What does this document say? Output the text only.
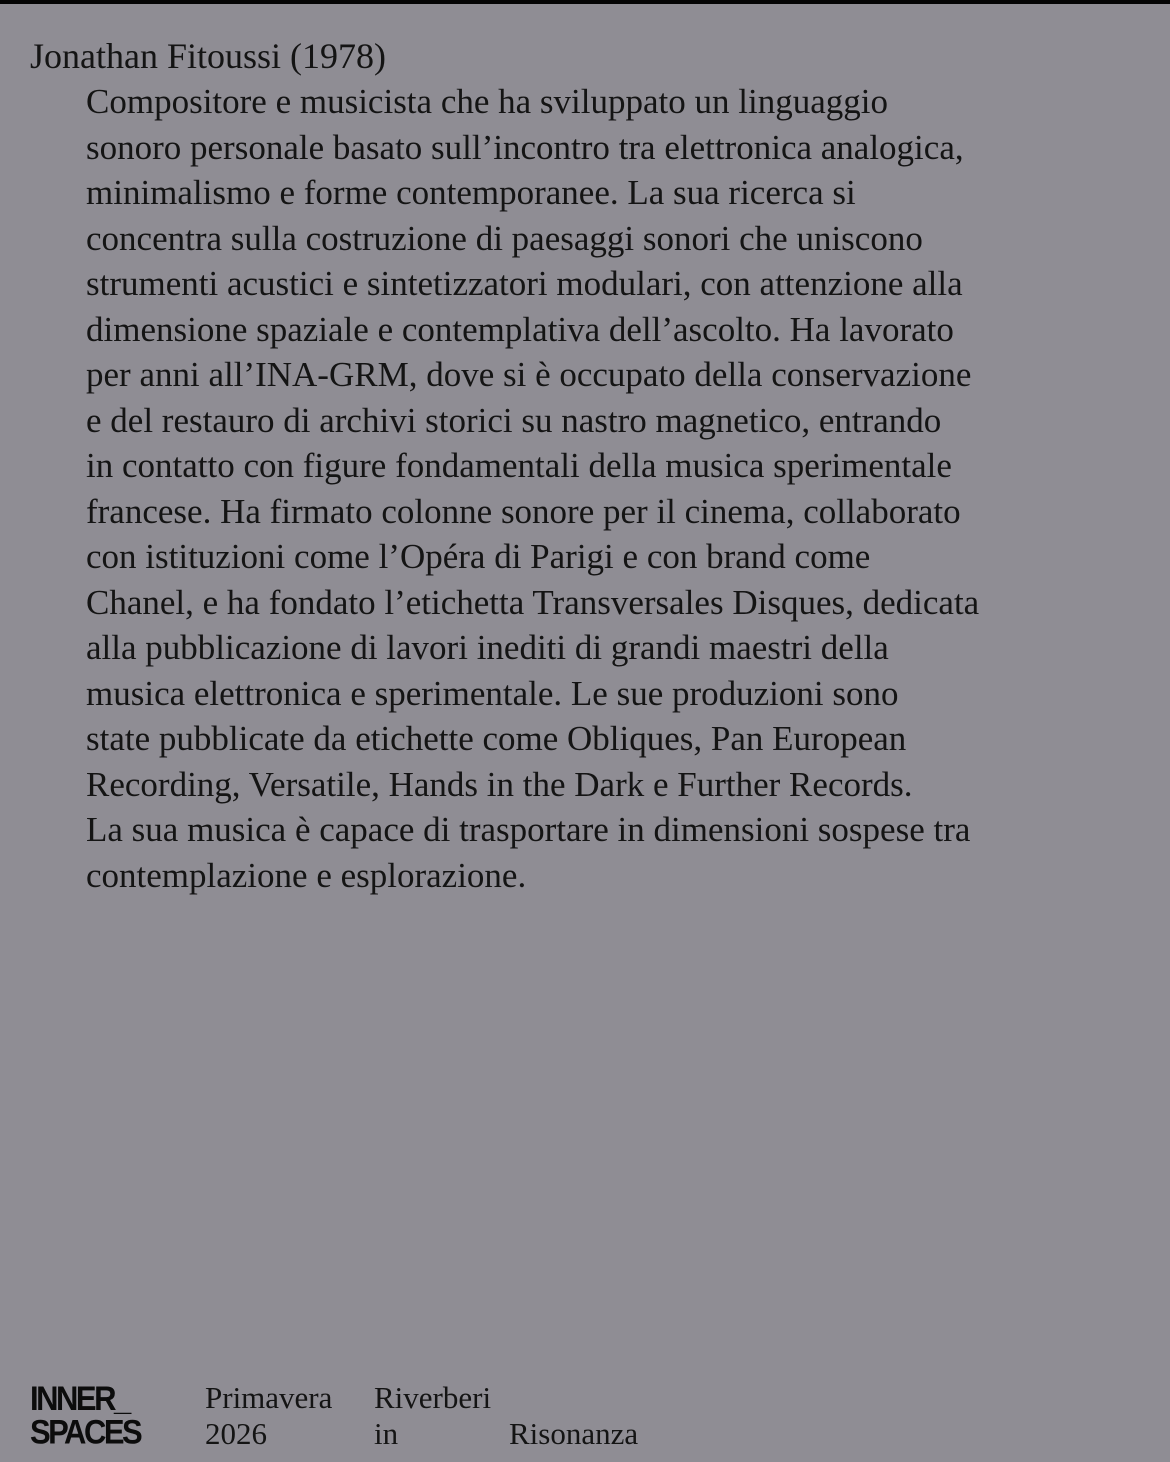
Jonathan Fitoussi (1978)
Compositore e musicista che ha sviluppato un linguaggio
sonoro personale basato sull’incontro tra elettronica analogica,
minimalismo e forme contemporanee. La sua ricerca si
concentra sulla costruzione di paesaggi sonori che uniscono
strumenti acustici e sintetizzatori modulari, con attenzione alla
dimensione spaziale e contemplativa dell’ascolto. Ha lavorato
per anni all’INA-GRM, dove si è occupato della conservazione
e del restauro di archivi storici su nastro magnetico, entrando
in contatto con figure fondamentali della musica sperimentale
francese. Ha firmato colonne sonore per il cinema, collaborato
con istituzioni come l’Opéra di Parigi e con brand come
Chanel, e ha fondato l’etichetta Transversales Disques, dedicata
alla pubblicazione di lavori inediti di grandi maestri della
musica elettronica e sperimentale. Le sue produzioni sono
state pubblicate da etichette come Obliques, Pan European
Recording, Versatile, Hands in the Dark e Further Records.
La sua musica è capace di trasportare in dimensioni sospese tra
contemplazione e esplorazione.
INNER_
SPACES
Primavera
2026
Riverberi
in	Risonanza
